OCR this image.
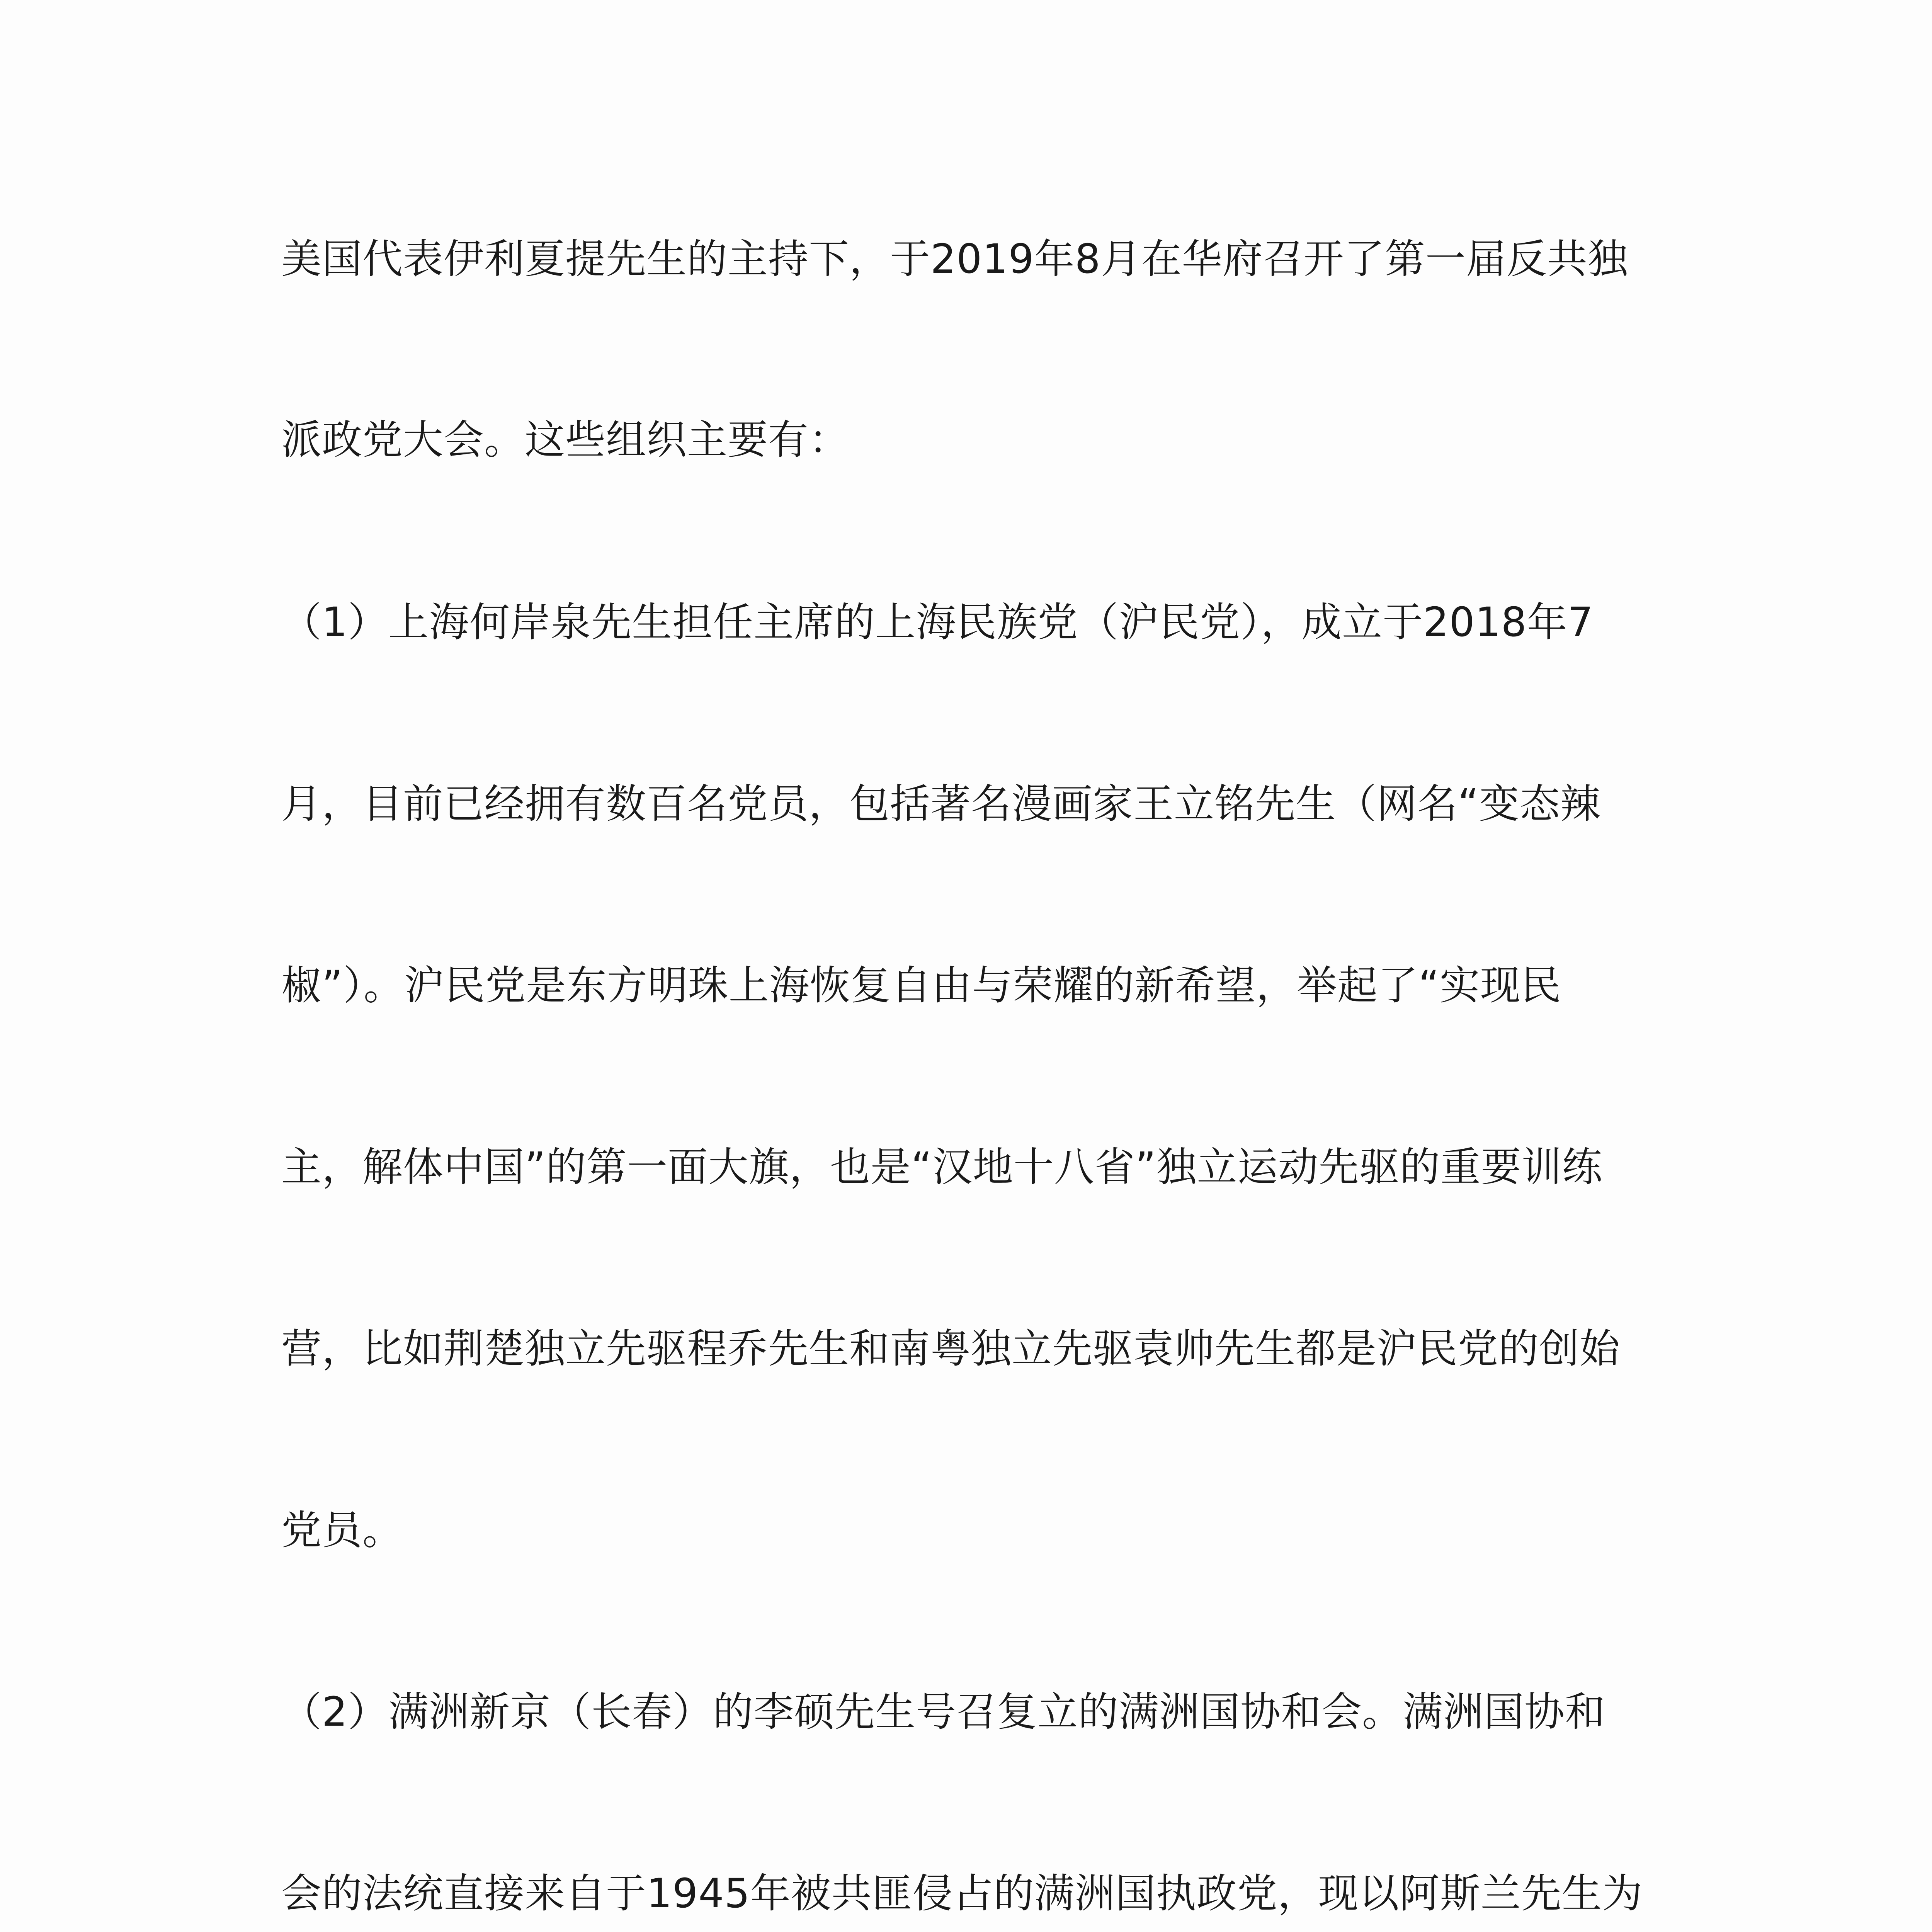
美国代表伊利夏提先生的主持下，于2019年8月在华府召开了第一届反共独
派政党大会。这些组织主要有：
（1）上海何岸泉先生担任主席的上海民族党（沪民党），成立于2018年7
月，目前已经拥有数百名党员，包括著名漫画家王立铭先生（网名“变态辣
椒”）。沪民党是东方明珠上海恢复自由与荣耀的新希望，举起了“实现民
主，解体中国”的第一面大旗，也是“汉地十八省”独立运动先驱的重要训练
营，比如荆楚独立先驱程乔先生和南粤独立先驱袁帅先生都是沪民党的创始
党员。
（2）满洲新京（长春）的李硕先生号召复立的满洲国协和会。满洲国协和
会的法统直接来自于1945年被共匪侵占的满洲国执政党，现以阿斯兰先生为
